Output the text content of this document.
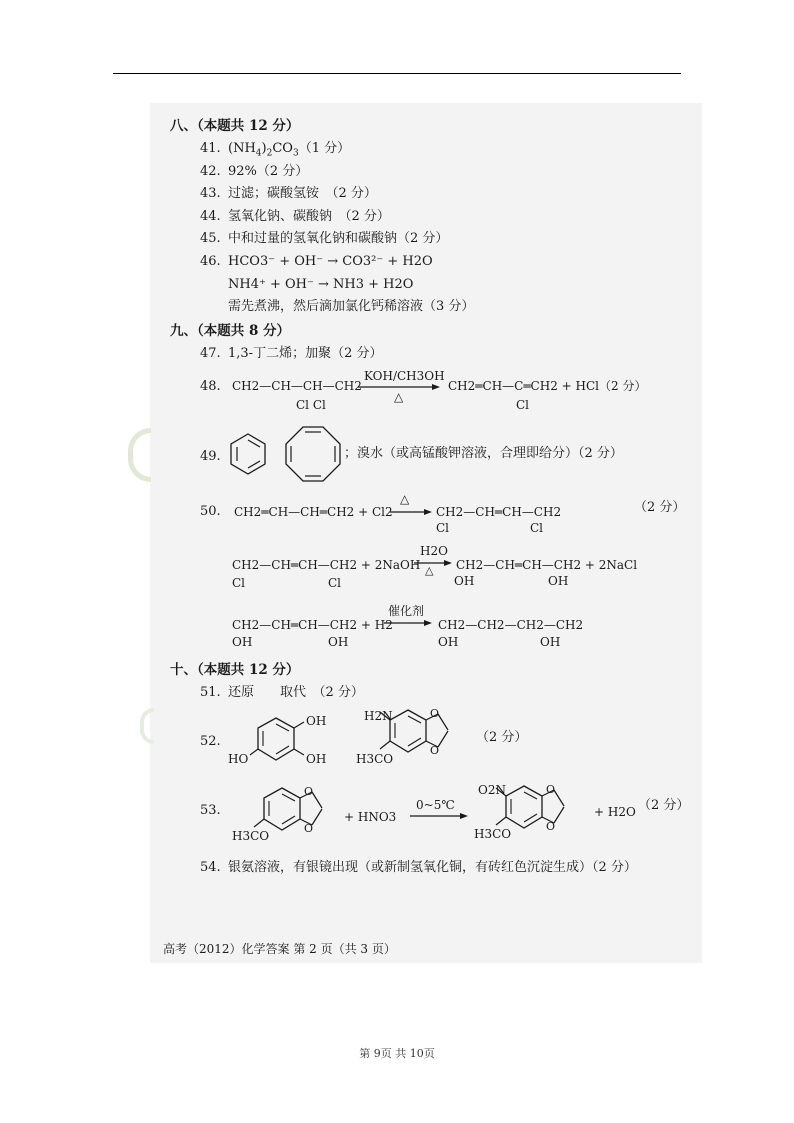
八、（本题共 12 分）
41. $(NH_4)_2CO_3(1$ 分）
42. 92%（2 分）
43. 过滤；碳酸氢铵　（2 分）
44. 氢氧化钠、碳酸钠　（2 分）
45. 中和过量的氢氧化钠和碳酸钠（2 分）
46. HCO3⁻ + OH⁻ → CO3²⁻ + H2O
NH4⁺ + OH⁻ → NH3 + H2O
需先煮沸，然后滴加氯化钙稀溶液（3 分）
九、（本题共 8 分）
47. 1,3-丁二烯；加聚（2 分）
48. CH2—CH—CH—CH2
Cl Cl
KOH/CH3OH
△
CH2═CH—C═CH2 + HCl（2 分）
Cl
49.	；溴水（或高锰酸钾溶液，合理即给分）（2 分）
50. CH2═CH—CH═CH2 + Cl2
△
CH2—CH═CH—CH2
Cl	Cl
（2 分）
CH2—CH═CH—CH2 + 2NaOH
Cl	Cl
H2O
△ CH2—CH═CH—CH2 + 2NaCl
OH	OH
CH2—CH═CH—CH2 + H2
OH	OH
催化剂
CH2—CH2—CH2—CH2
OH	OH
十、（本题共 12 分）
51. 还原　　取代　（2 分）
52.
OH
OH
HO
O
O
H2N
H3CO
（2 分）
53.
O
O
H3CO
+ HNO3
0~5℃
O
O
O2N
H3CO
+ H2O （2 分）
54. 银氨溶液，有银镜出现（或新制氢氧化铜，有砖红色沉淀生成）（2 分）
高考（2012）化学答案 第 2 页（共 3 页）
第 9页 共 10页
